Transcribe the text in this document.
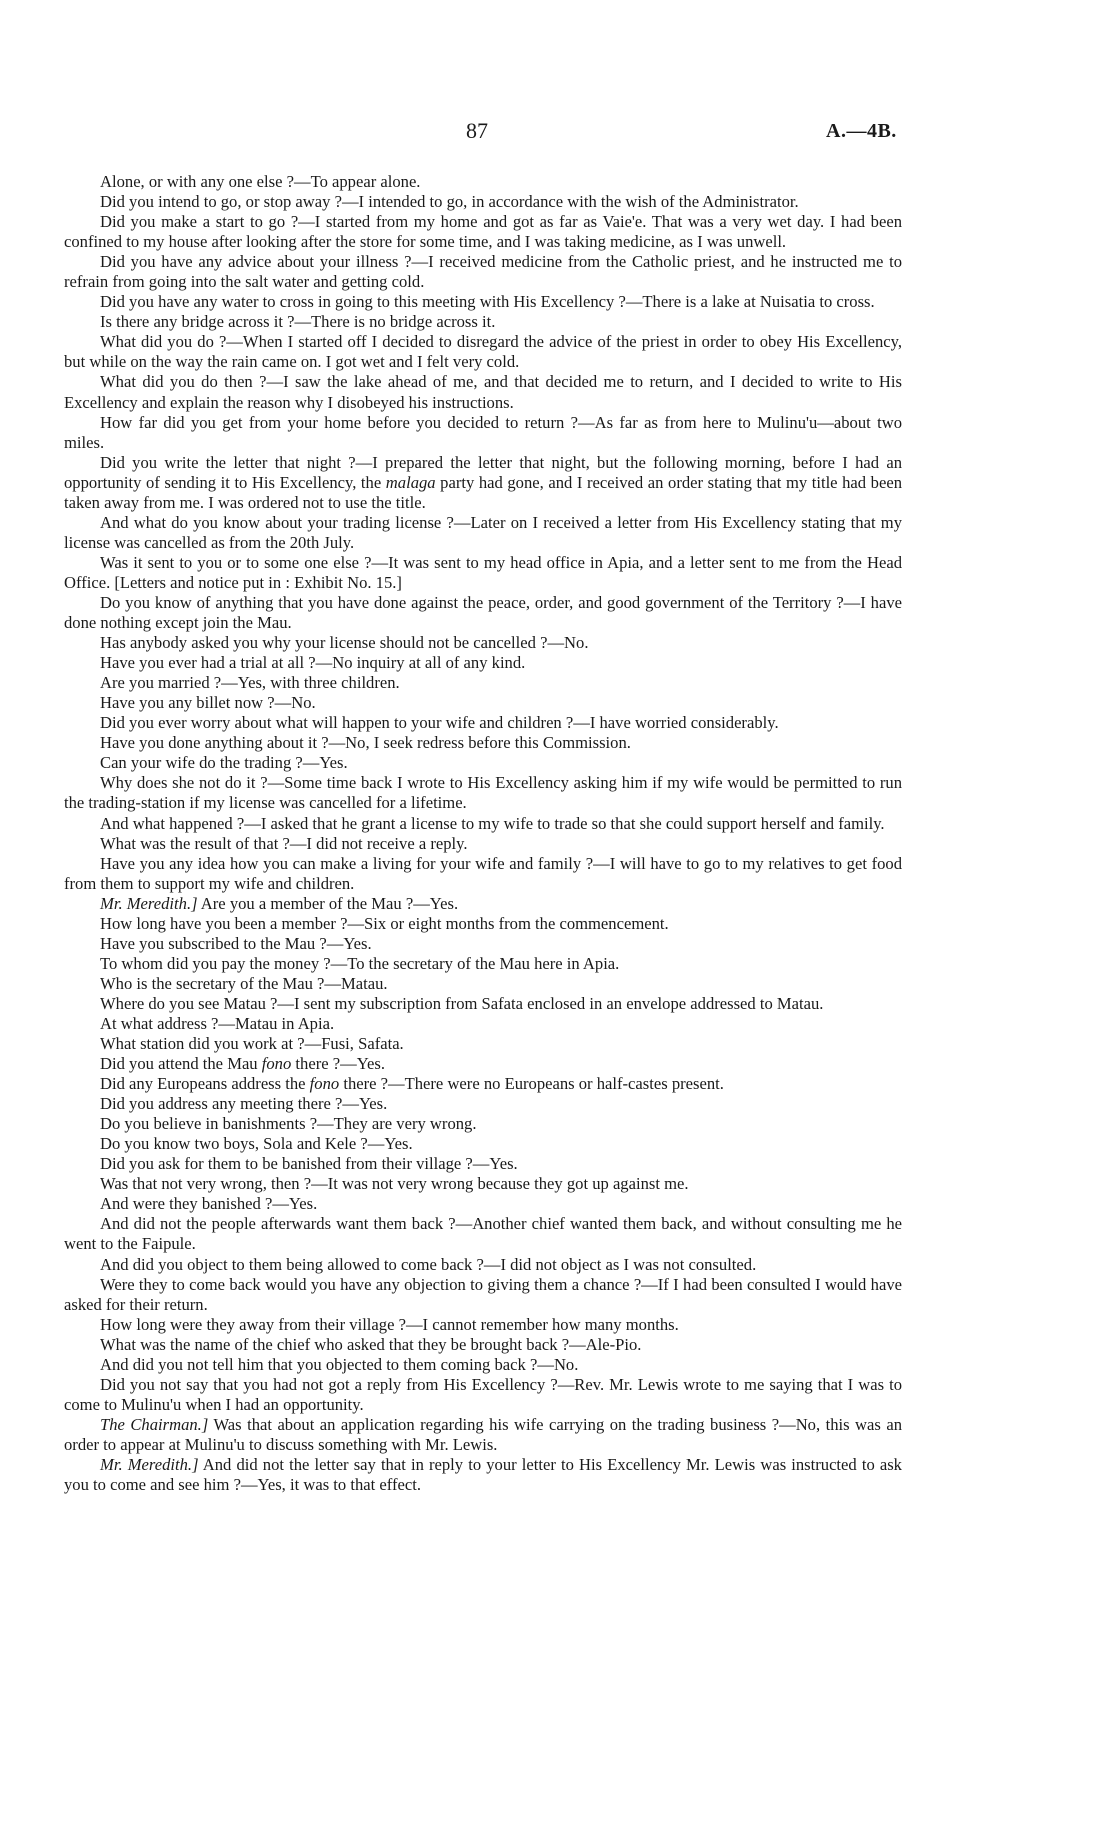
87	A.—4B.

Alone, or with any one else ?—To appear alone.

Did you intend to go, or stop away ?—I intended to go, in accordance with the wish of the Administrator.

Did you make a start to go ?—I started from my home and got as far as Vaie'e. That was a very wet day. I had been confined to my house after looking after the store for some time, and I was taking medicine, as I was unwell.

Did you have any advice about your illness ?—I received medicine from the Catholic priest, and he instructed me to refrain from going into the salt water and getting cold.

Did you have any water to cross in going to this meeting with His Excellency ?—There is a lake at Nuisatia to cross.

Is there any bridge across it ?—There is no bridge across it.

What did you do ?—When I started off I decided to disregard the advice of the priest in order to obey His Excellency, but while on the way the rain came on. I got wet and I felt very cold.

What did you do then ?—I saw the lake ahead of me, and that decided me to return, and I decided to write to His Excellency and explain the reason why I disobeyed his instructions.

How far did you get from your home before you decided to return ?—As far as from here to Mulinu'u—about two miles.

Did you write the letter that night ?—I prepared the letter that night, but the following morning, before I had an opportunity of sending it to His Excellency, the malaga party had gone, and I received an order stating that my title had been taken away from me. I was ordered not to use the title.

And what do you know about your trading license ?—Later on I received a letter from His Excellency stating that my license was cancelled as from the 20th July.

Was it sent to you or to some one else ?—It was sent to my head office in Apia, and a letter sent to me from the Head Office. [Letters and notice put in : Exhibit No. 15.]

Do you know of anything that you have done against the peace, order, and good government of the Territory ?—I have done nothing except join the Mau.

Has anybody asked you why your license should not be cancelled ?—No.

Have you ever had a trial at all ?—No inquiry at all of any kind.

Are you married ?—Yes, with three children.

Have you any billet now ?—No.

Did you ever worry about what will happen to your wife and children ?—I have worried considerably.

Have you done anything about it ?—No, I seek redress before this Commission.

Can your wife do the trading ?—Yes.

Why does she not do it ?—Some time back I wrote to His Excellency asking him if my wife would be permitted to run the trading-station if my license was cancelled for a lifetime.

And what happened ?—I asked that he grant a license to my wife to trade so that she could support herself and family.

What was the result of that ?—I did not receive a reply.

Have you any idea how you can make a living for your wife and family ?—I will have to go to my relatives to get food from them to support my wife and children.

Mr. Meredith.] Are you a member of the Mau ?—Yes.

How long have you been a member ?—Six or eight months from the commencement.

Have you subscribed to the Mau ?—Yes.

To whom did you pay the money ?—To the secretary of the Mau here in Apia.

Who is the secretary of the Mau ?—Matau.

Where do you see Matau ?—I sent my subscription from Safata enclosed in an envelope addressed to Matau.

At what address ?—Matau in Apia.

What station did you work at ?—Fusi, Safata.

Did you attend the Mau fono there ?—Yes.

Did any Europeans address the fono there ?—There were no Europeans or half-castes present.

Did you address any meeting there ?—Yes.

Do you believe in banishments ?—They are very wrong.

Do you know two boys, Sola and Kele ?—Yes.

Did you ask for them to be banished from their village ?—Yes.

Was that not very wrong, then ?—It was not very wrong because they got up against me.

And were they banished ?—Yes.

And did not the people afterwards want them back ?—Another chief wanted them back, and without consulting me he went to the Faipule.

And did you object to them being allowed to come back ?—I did not object as I was not consulted.

Were they to come back would you have any objection to giving them a chance ?—If I had been consulted I would have asked for their return.

How long were they away from their village ?—I cannot remember how many months.

What was the name of the chief who asked that they be brought back ?—Ale-Pio.

And did you not tell him that you objected to them coming back ?—No.

Did you not say that you had not got a reply from His Excellency ?—Rev. Mr. Lewis wrote to me saying that I was to come to Mulinu'u when I had an opportunity.

The Chairman.] Was that about an application regarding his wife carrying on the trading business ?—No, this was an order to appear at Mulinu'u to discuss something with Mr. Lewis.

Mr. Meredith.] And did not the letter say that in reply to your letter to His Excellency Mr. Lewis was instructed to ask you to come and see him ?—Yes, it was to that effect.
